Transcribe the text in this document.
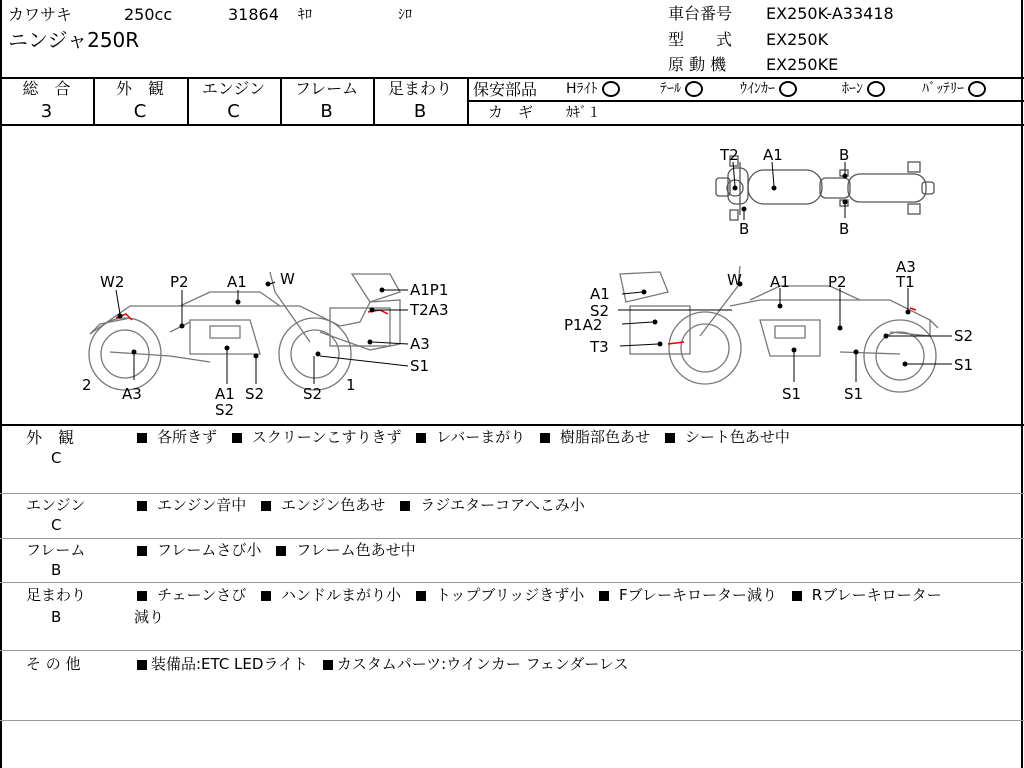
カワサキ	250cc	31864 ｷﾛ	ｼﾛ
ニンジャ250R
車台番号 EX250K-A33418
型　　式 EX250K
原 動 機 EX250KE
総　合
3
外　観
C
エンジン
C
フレーム
B
足まわり
B
保安部品 Hﾗｲﾄ	ﾃｰﾙ	ｳｲﾝｶｰ	ﾎｰﾝ	ﾊﾞｯﾃﾘｰ
カ　ギ ｶｷﾞ１
T2 A1	B
B	B
W2	P2	A1 W
A1P1
T2A3
A3
S1
2 A3	A1
S2
S2	S2 1
A3
W A1	P2	T1
A1
S2
P1A2
T3
S2
S1
S1	S1
外　観
C
各所きず スクリーンこすりきず レバーまがり 樹脂部色あせ シート色あせ中
エンジン
C
エンジン音中 エンジン色あせ ラジエターコアへこみ小
フレーム
B
フレームさび小 フレーム色あせ中
足まわり
B
チェーンさび ハンドルまがり小 トップブリッジきず小 Fブレーキローター減り Rブレーキローター
減り
そ の 他	装備品:ETC LEDライト カスタムパーツ:ウインカー フェンダーレス
